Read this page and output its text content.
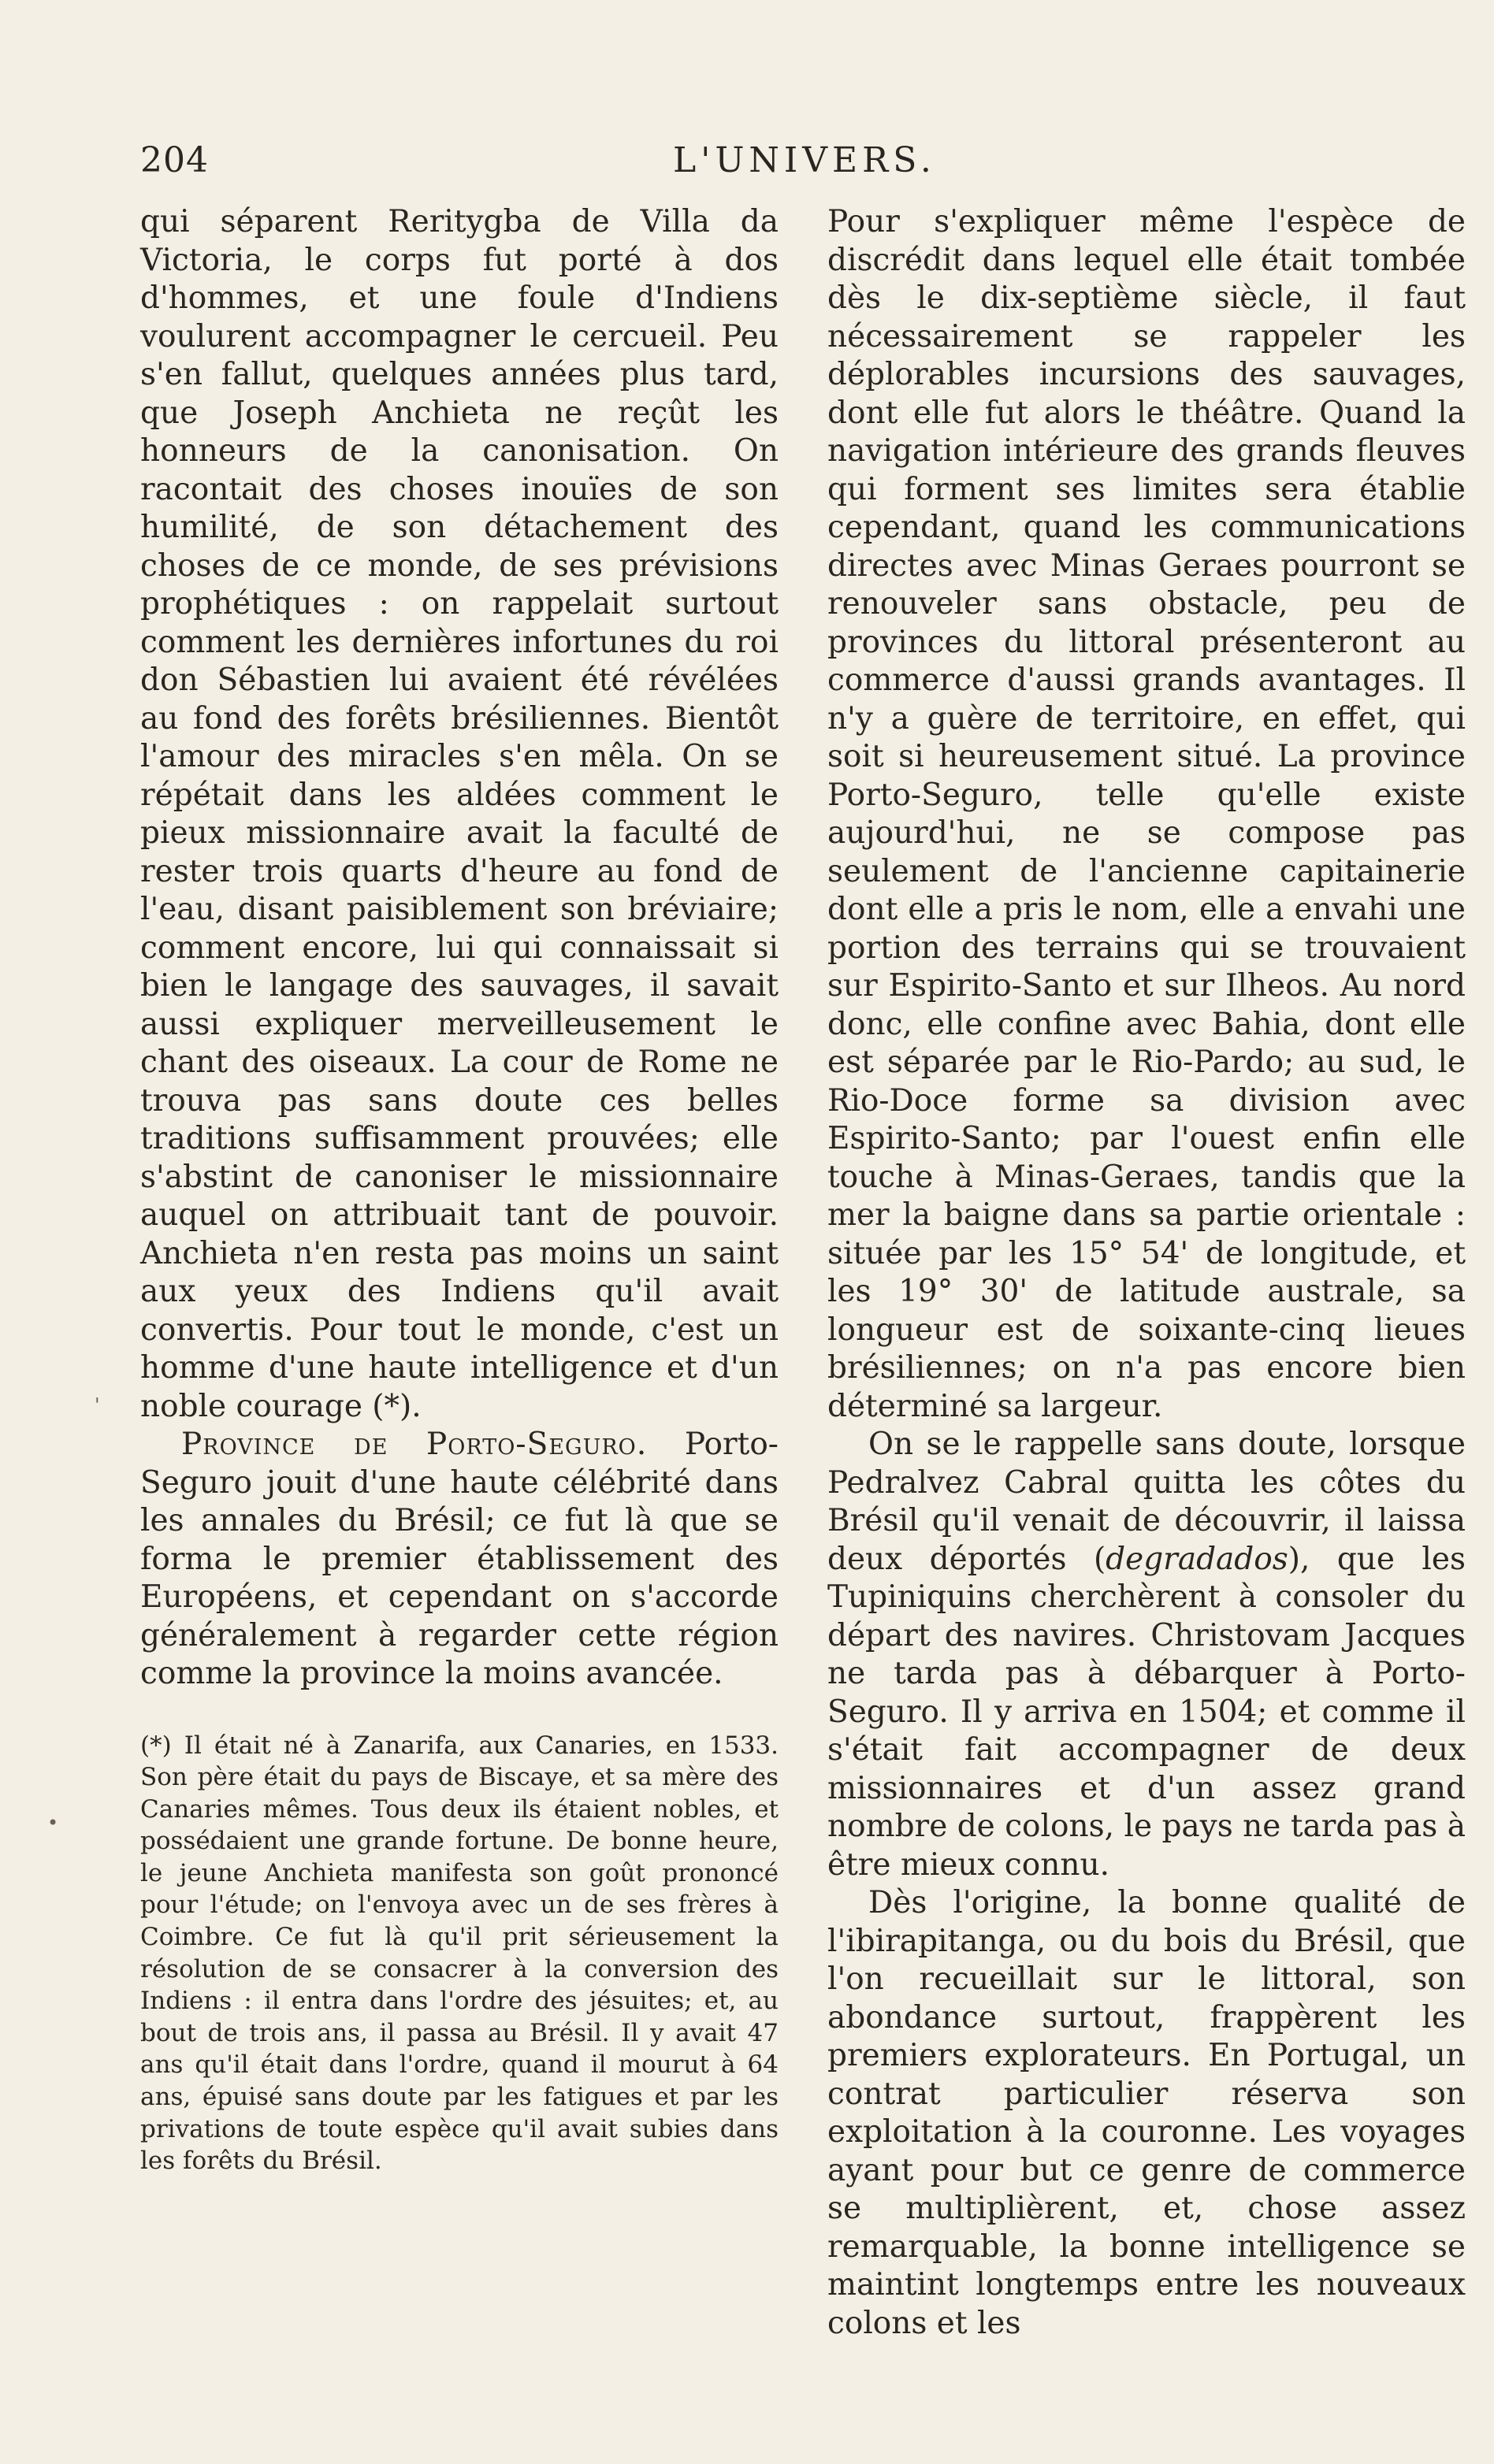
204	L'UNIVERS.
'
•

qui séparent Reritygba de Villa da Victoria, le corps fut porté à dos d'hommes, et une foule d'Indiens voulurent accompagner le cercueil. Peu s'en fallut, quelques années plus tard, que Joseph Anchieta ne reçût les honneurs de la canonisation. On racontait des choses inouïes de son humilité, de son détachement des choses de ce monde, de ses prévisions prophétiques : on rappelait surtout comment les dernières infortunes du roi don Sébastien lui avaient été révélées au fond des forêts brésiliennes. Bientôt l'amour des miracles s'en mêla. On se répétait dans les aldées comment le pieux missionnaire avait la faculté de rester trois quarts d'heure au fond de l'eau, disant paisiblement son bréviaire; comment encore, lui qui connaissait si bien le langage des sauvages, il savait aussi expliquer merveilleusement le chant des oiseaux. La cour de Rome ne trouva pas sans doute ces belles traditions suffisamment prouvées; elle s'abstint de canoniser le missionnaire auquel on attribuait tant de pouvoir. Anchieta n'en resta pas moins un saint aux yeux des Indiens qu'il avait convertis. Pour tout le monde, c'est un homme d'une haute intelligence et d'un noble courage (*).

Province de Porto-Seguro. Porto-Seguro jouit d'une haute célébrité dans les annales du Brésil; ce fut là que se forma le premier établissement des Européens, et cependant on s'accorde généralement à regarder cette région comme la province la moins avancée.

(*) Il était né à Zanarifa, aux Canaries, en 1533. Son père était du pays de Biscaye, et sa mère des Canaries mêmes. Tous deux ils étaient nobles, et possédaient une grande fortune. De bonne heure, le jeune Anchieta manifesta son goût prononcé pour l'étude; on l'envoya avec un de ses frères à Coimbre. Ce fut là qu'il prit sérieusement la résolution de se consacrer à la conversion des Indiens : il entra dans l'ordre des jésuites; et, au bout de trois ans, il passa au Brésil. Il y avait 47 ans qu'il était dans l'ordre, quand il mourut à 64 ans, épuisé sans doute par les fatigues et par les privations de toute espèce qu'il avait subies dans les forêts du Brésil.

Pour s'expliquer même l'espèce de discrédit dans lequel elle était tombée dès le dix-septième siècle, il faut nécessairement se rappeler les déplorables incursions des sauvages, dont elle fut alors le théâtre. Quand la navigation intérieure des grands fleuves qui forment ses limites sera établie cependant, quand les communications directes avec Minas Geraes pourront se renouveler sans obstacle, peu de provinces du littoral présenteront au commerce d'aussi grands avantages. Il n'y a guère de territoire, en effet, qui soit si heureusement situé. La province Porto-Seguro, telle qu'elle existe aujourd'hui, ne se compose pas seulement de l'ancienne capitainerie dont elle a pris le nom, elle a envahi une portion des terrains qui se trouvaient sur Espirito-Santo et sur Ilheos. Au nord donc, elle confine avec Bahia, dont elle est séparée par le Rio-Pardo; au sud, le Rio-Doce forme sa division avec Espirito-Santo; par l'ouest enfin elle touche à Minas-Geraes, tandis que la mer la baigne dans sa partie orientale : située par les 15° 54' de longitude, et les 19° 30' de latitude australe, sa longueur est de soixante-cinq lieues brésiliennes; on n'a pas encore bien déterminé sa largeur.

On se le rappelle sans doute, lorsque Pedralvez Cabral quitta les côtes du Brésil qu'il venait de découvrir, il laissa deux déportés (degradados), que les Tupiniquins cherchèrent à consoler du départ des navires. Christovam Jacques ne tarda pas à débarquer à Porto-Seguro. Il y arriva en 1504; et comme il s'était fait accompagner de deux missionnaires et d'un assez grand nombre de colons, le pays ne tarda pas à être mieux connu.

Dès l'origine, la bonne qualité de l'ibirapitanga, ou du bois du Brésil, que l'on recueillait sur le littoral, son abondance surtout, frappèrent les premiers explorateurs. En Portugal, un contrat particulier réserva son exploitation à la couronne. Les voyages ayant pour but ce genre de commerce se multiplièrent, et, chose assez remarquable, la bonne intelligence se maintint longtemps entre les nouveaux colons et les
